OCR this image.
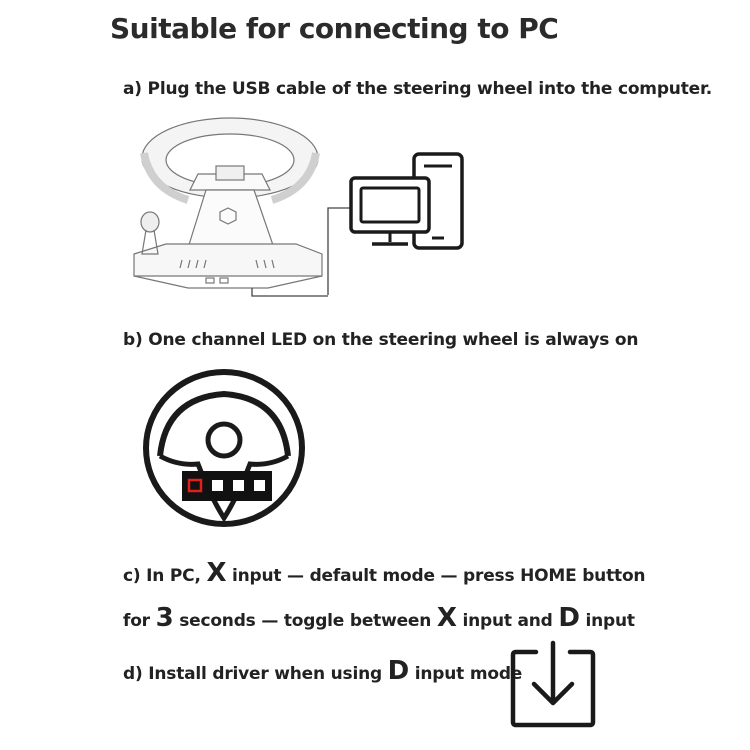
Suitable for connecting to PC
a) Plug the USB cable of the steering wheel into the computer.
b) One channel LED on the steering wheel is always on
c) In PC, X input — default mode — press HOME button
for 3 seconds — toggle between X input and D input
d) Install driver when using D input mode
